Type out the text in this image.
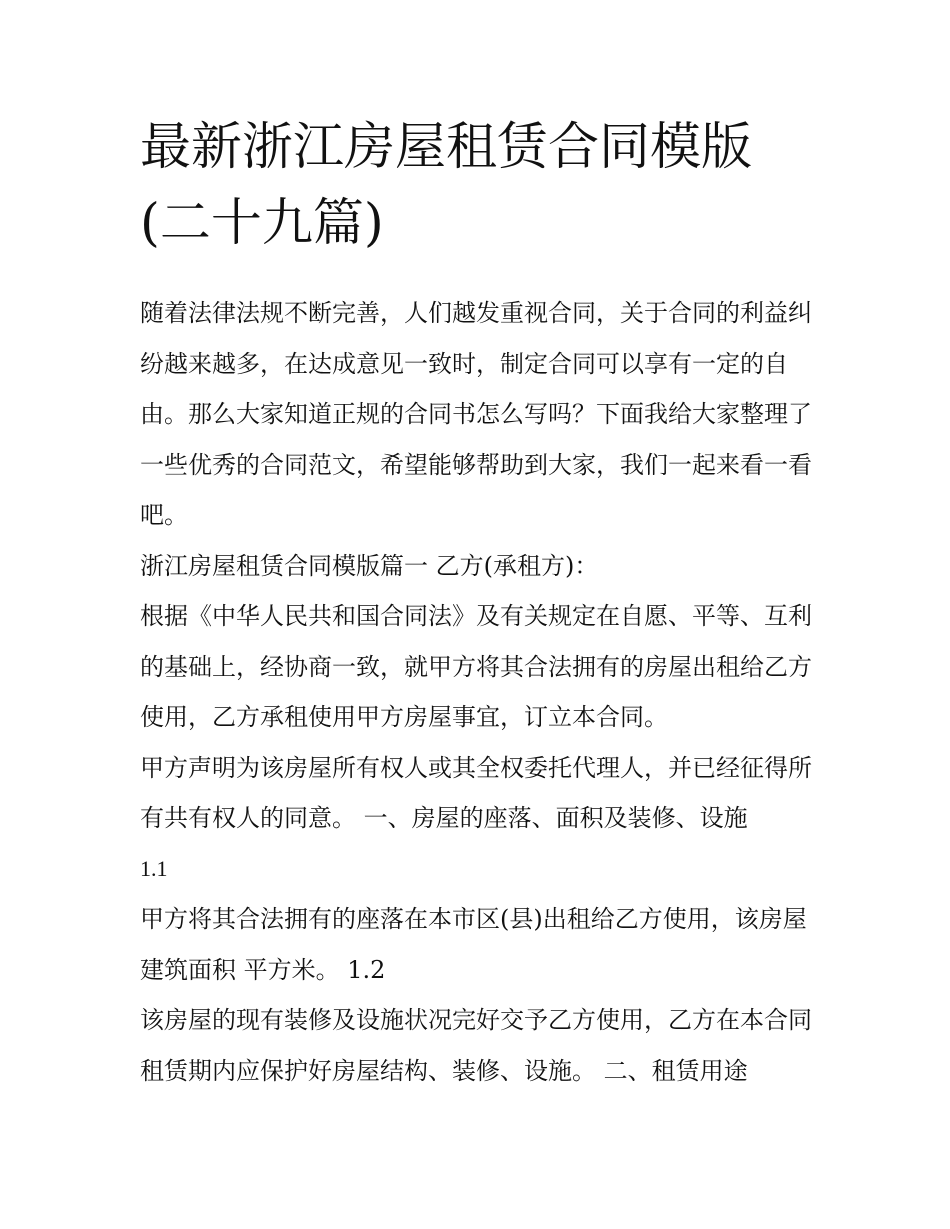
最新浙江房屋租赁合同模版(二十九篇)

随着法律法规不断完善，人们越发重视合同，关于合同的利益纠纷越来越多，在达成意见一致时，制定合同可以享有一定的自由。那么大家知道正规的合同书怎么写吗？下面我给大家整理了一些优秀的合同范文，希望能够帮助到大家，我们一起来看一看吧。

浙江房屋租赁合同模版篇一 乙方(承租方)：

根据《中华人民共和国合同法》及有关规定在自愿、平等、互利的基础上，经协商一致，就甲方将其合法拥有的房屋出租给乙方使用，乙方承租使用甲方房屋事宜，订立本合同。

甲方声明为该房屋所有权人或其全权委托代理人，并已经征得所有共有权人的同意。 一、房屋的座落、面积及装修、设施

1.1

甲方将其合法拥有的座落在本市区(县)出租给乙方使用，该房屋建筑面积 平方米。 1.2

该房屋的现有装修及设施状况完好交予乙方使用，乙方在本合同租赁期内应保护好房屋结构、装修、设施。 二、租赁用途
